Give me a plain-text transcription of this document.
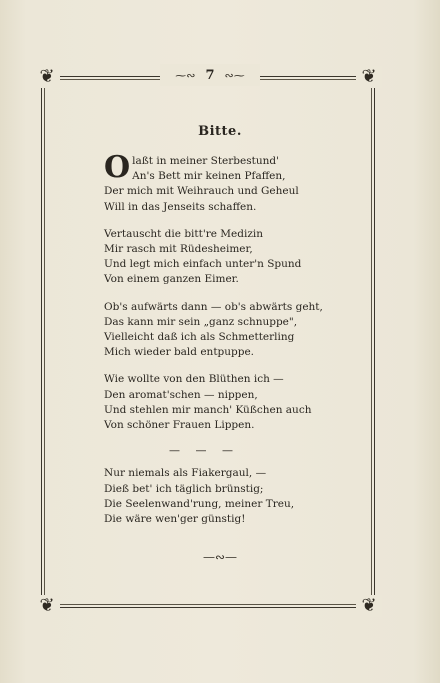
❦	❦
❦	❦
⁓∾ 7 ∾⁓
Bitte.
O laßt in meiner Sterbestund'
An's Bett mir keinen Pfaffen,
Der mich mit Weihrauch und Geheul
Will in das Jenseits schaffen.
Vertauscht die bitt're Medizin
Mir rasch mit Rüdesheimer,
Und legt mich einfach unter'n Spund
Von einem ganzen Eimer.
Ob's aufwärts dann — ob's abwärts geht,
Das kann mir sein „ganz schnuppe",
Vielleicht daß ich als Schmetterling
Mich wieder bald entpuppe.
Wie wollte von den Blüthen ich —
Den aromat'schen — nippen,
Und stehlen mir manch' Küßchen auch
Von schöner Frauen Lippen.
— — —
Nur niemals als Fiakergaul, —
Dieß bet' ich täglich brünstig;
Die Seelenwand'rung, meiner Treu,
Die wäre wen'ger günstig!
—∾—
